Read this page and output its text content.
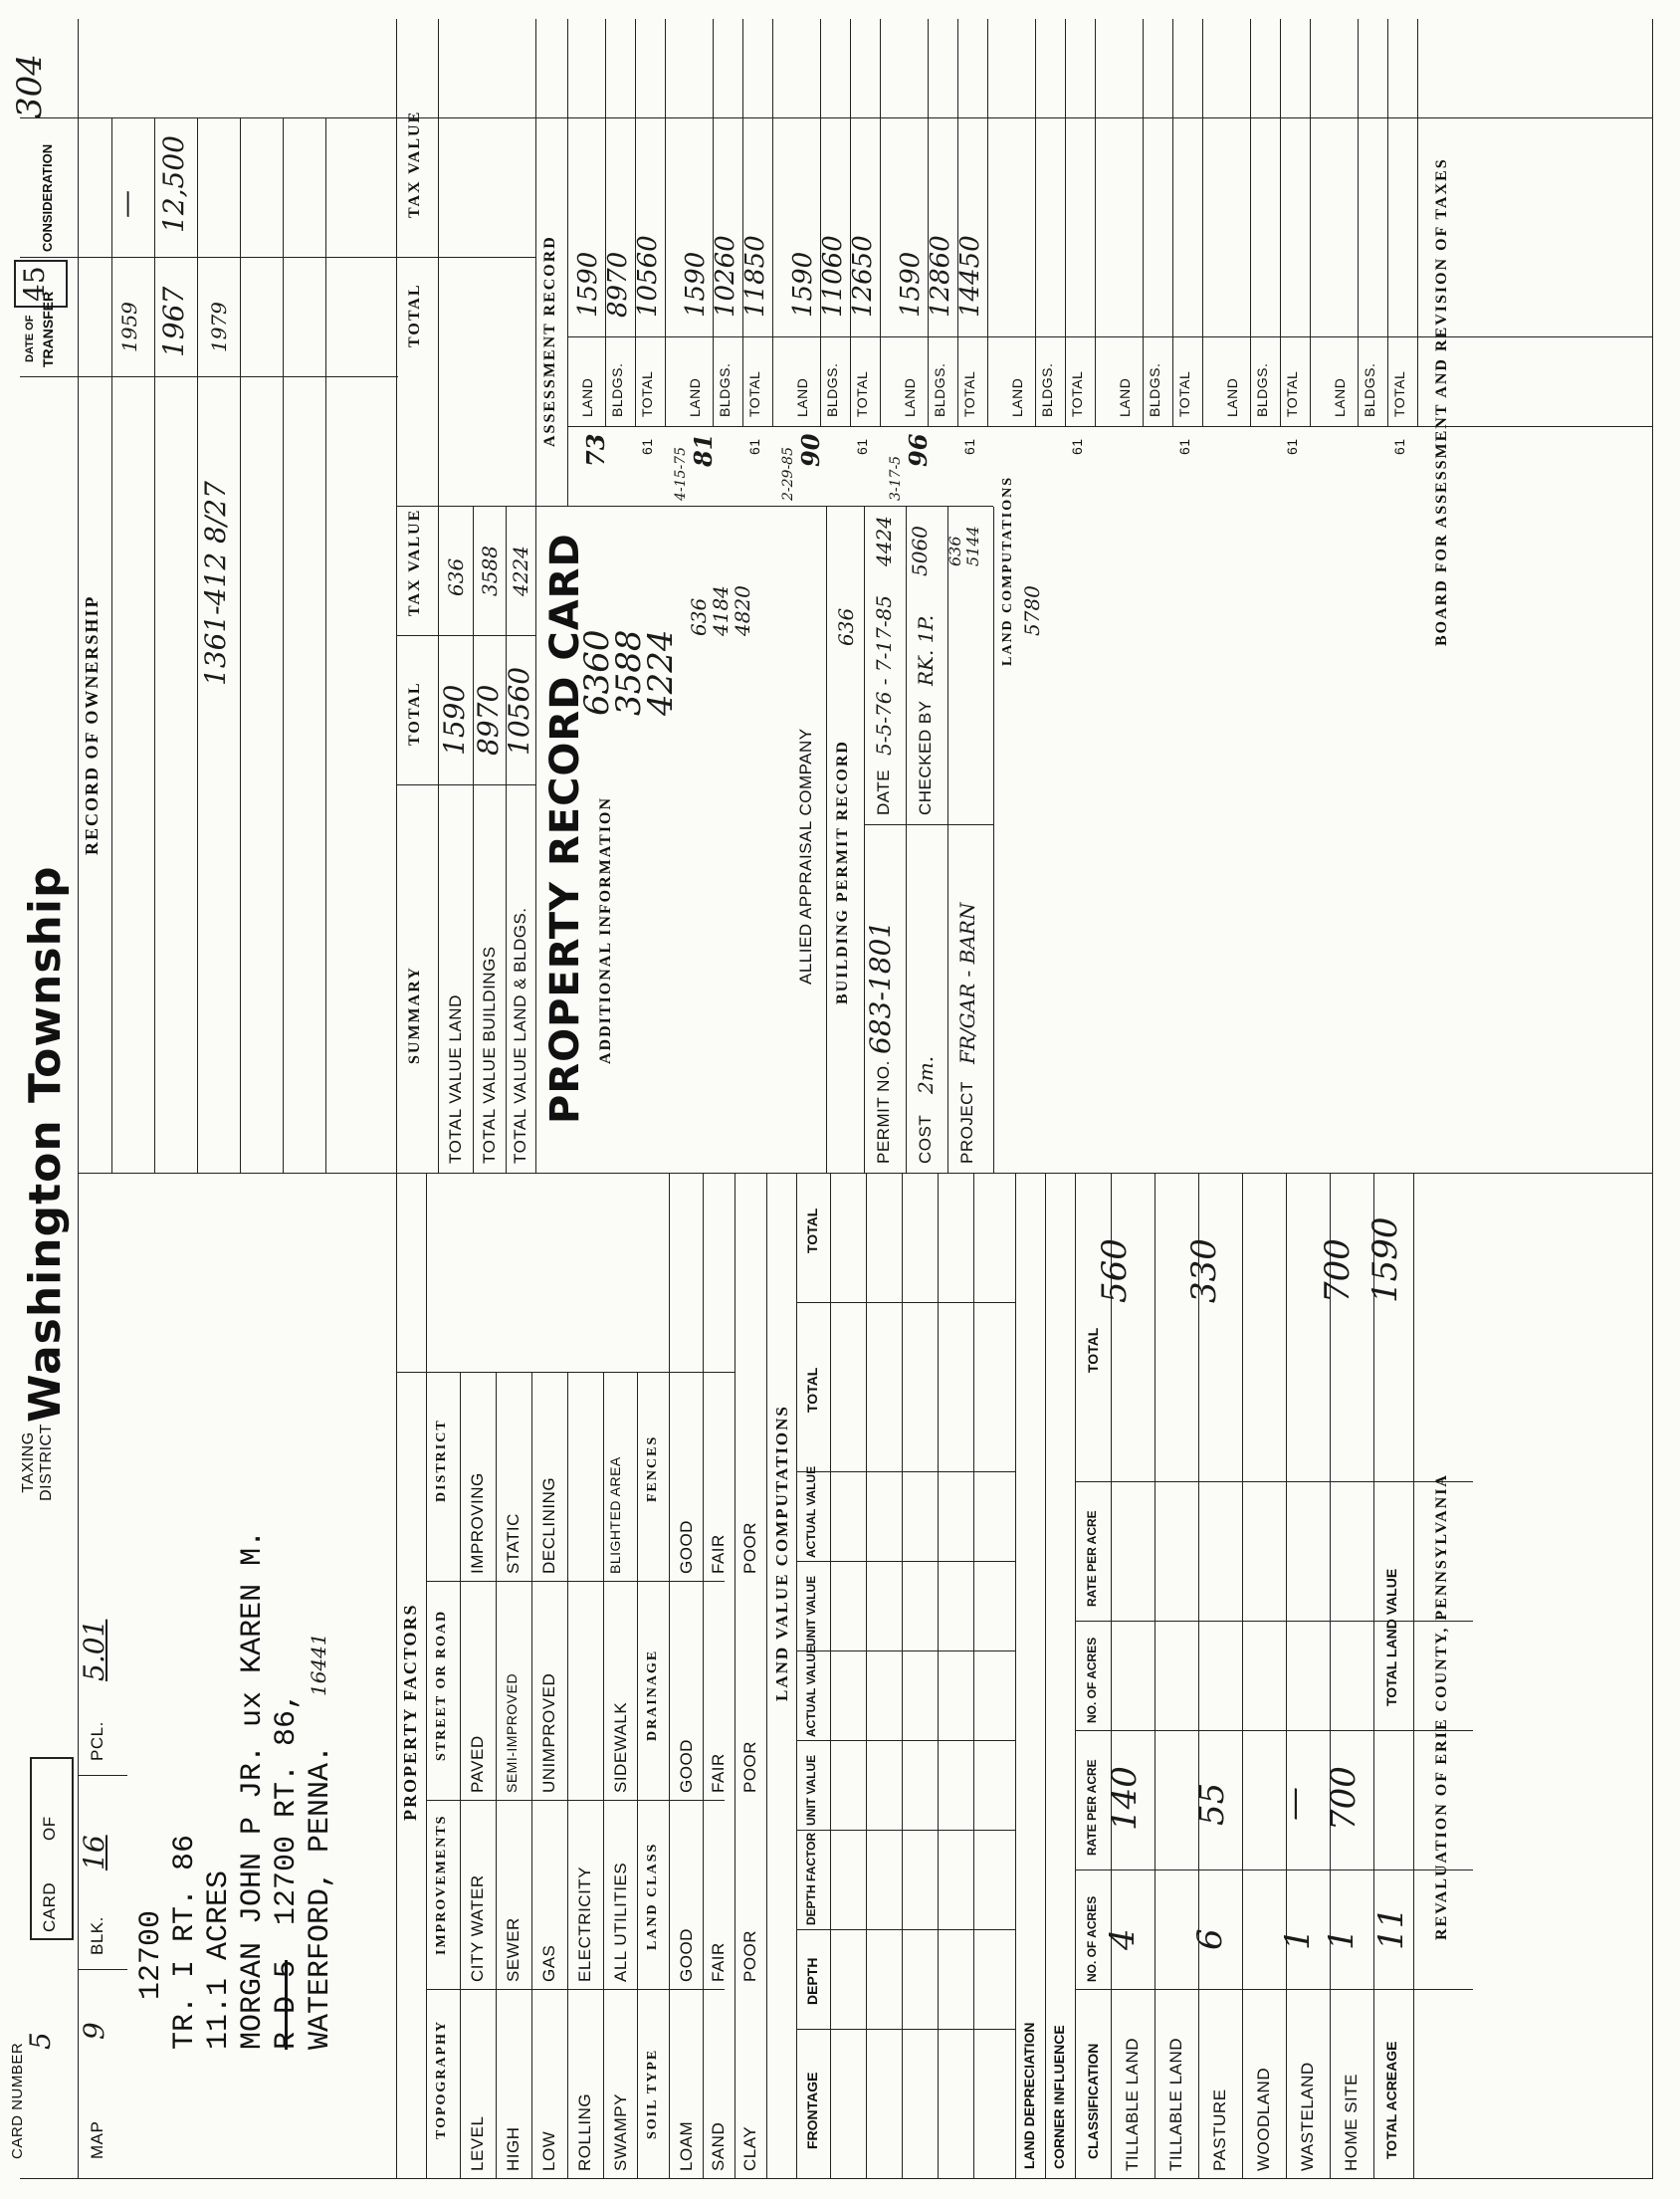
CARD NUMBER
5
MAP
9
BLK.
16
PCL.
5.01
CARD
OF
TAXING DISTRICT
Washington Township
45
304
12700 TR. I RT. 86 11.1 ACRES MORGAN JOHN P JR. ux KAREN M. R D 5
12700 RT. 86, WATERFORD, PENNA.
16441
RECORD OF OWNERSHIP
DATE OF TRANSFER
CONSIDERATION
1959
—
1967
12,500
1361-412 8/27
1979
SUMMARY
TOTAL
TAX VALUE
TOTAL VALUE LAND
1590
636
TOTAL VALUE BUILDINGS
8970
3588
TOTAL VALUE LAND & BLDGS.
10560
4224
TOTAL
TAX VALUE
PROPERTY RECORD CARD ADDITIONAL INFORMATION
6360
3588
4224
636
4184
4820
ALLIED APPRAISAL COMPANY BUILDING PERMIT RECORD
636
PERMIT NO.
683-1801
DATE
5-5-76 - 7-17-85
4424
COST
2m.
CHECKED BY
RK. 1P.
5060
PROJECT
FR/GAR - BARN
636 5144 LAND COMPUTATIONS 5780
PROPERTY FACTORS
TOPOGRAPHY
IMPROVEMENTS
STREET OR ROAD
DISTRICT
LEVEL
CITY WATER
PAVED
IMPROVING
HIGH
SEWER
SEMI-IMPROVED
STATIC
LOW
GAS
UNIMPROVED
DECLINING
ROLLING
ELECTRICITY
SWAMPY
ALL UTILITIES
SIDEWALK
BLIGHTED AREA
SOIL TYPE
LAND CLASS
DRAINAGE
FENCES
LOAM
GOOD
GOOD
GOOD
SAND
FAIR
FAIR
FAIR
CLAY
POOR
POOR
POOR LAND VALUE COMPUTATIONS
FRONTAGE
DEPTH
DEPTH FACTOR
UNIT VALUE
ACTUAL VALUE
UNIT VALUE
ACTUAL VALUE
TOTAL
TOTAL
LAND DEPRECIATION CORNER INFLUENCE CLASSIFICATION
NO. OF ACRES
RATE PER ACRE
NO. OF ACRES
RATE PER ACRE
TOTAL
TILLABLE LAND
4
140
560
TILLABLE LAND PASTURE
6
55
330
WOODLAND WASTELAND
1
—
HOME SITE
1
700
700
TOTAL ACREAGE
11
TOTAL LAND VALUE
1590
REVALUATION OF ERIE COUNTY, PENNSYLVANIA
BOARD FOR ASSESSMENT AND REVISION OF TAXES
ASSESSMENT RECORD LAND
1590
BLDGS.
8970
TOTAL
10560
61
73
LAND
1590
BLDGS.
10260
TOTAL
11850
61
81
4-15-75
LAND
1590
BLDGS.
11060
TOTAL
12650
61
90
2-29-85
LAND
1590
BLDGS.
12860
TOTAL
14450
61
96
3-17-5
LAND BLDGS. TOTAL
61
LAND BLDGS. TOTAL
61
LAND BLDGS. TOTAL
61
LAND BLDGS. TOTAL
61
